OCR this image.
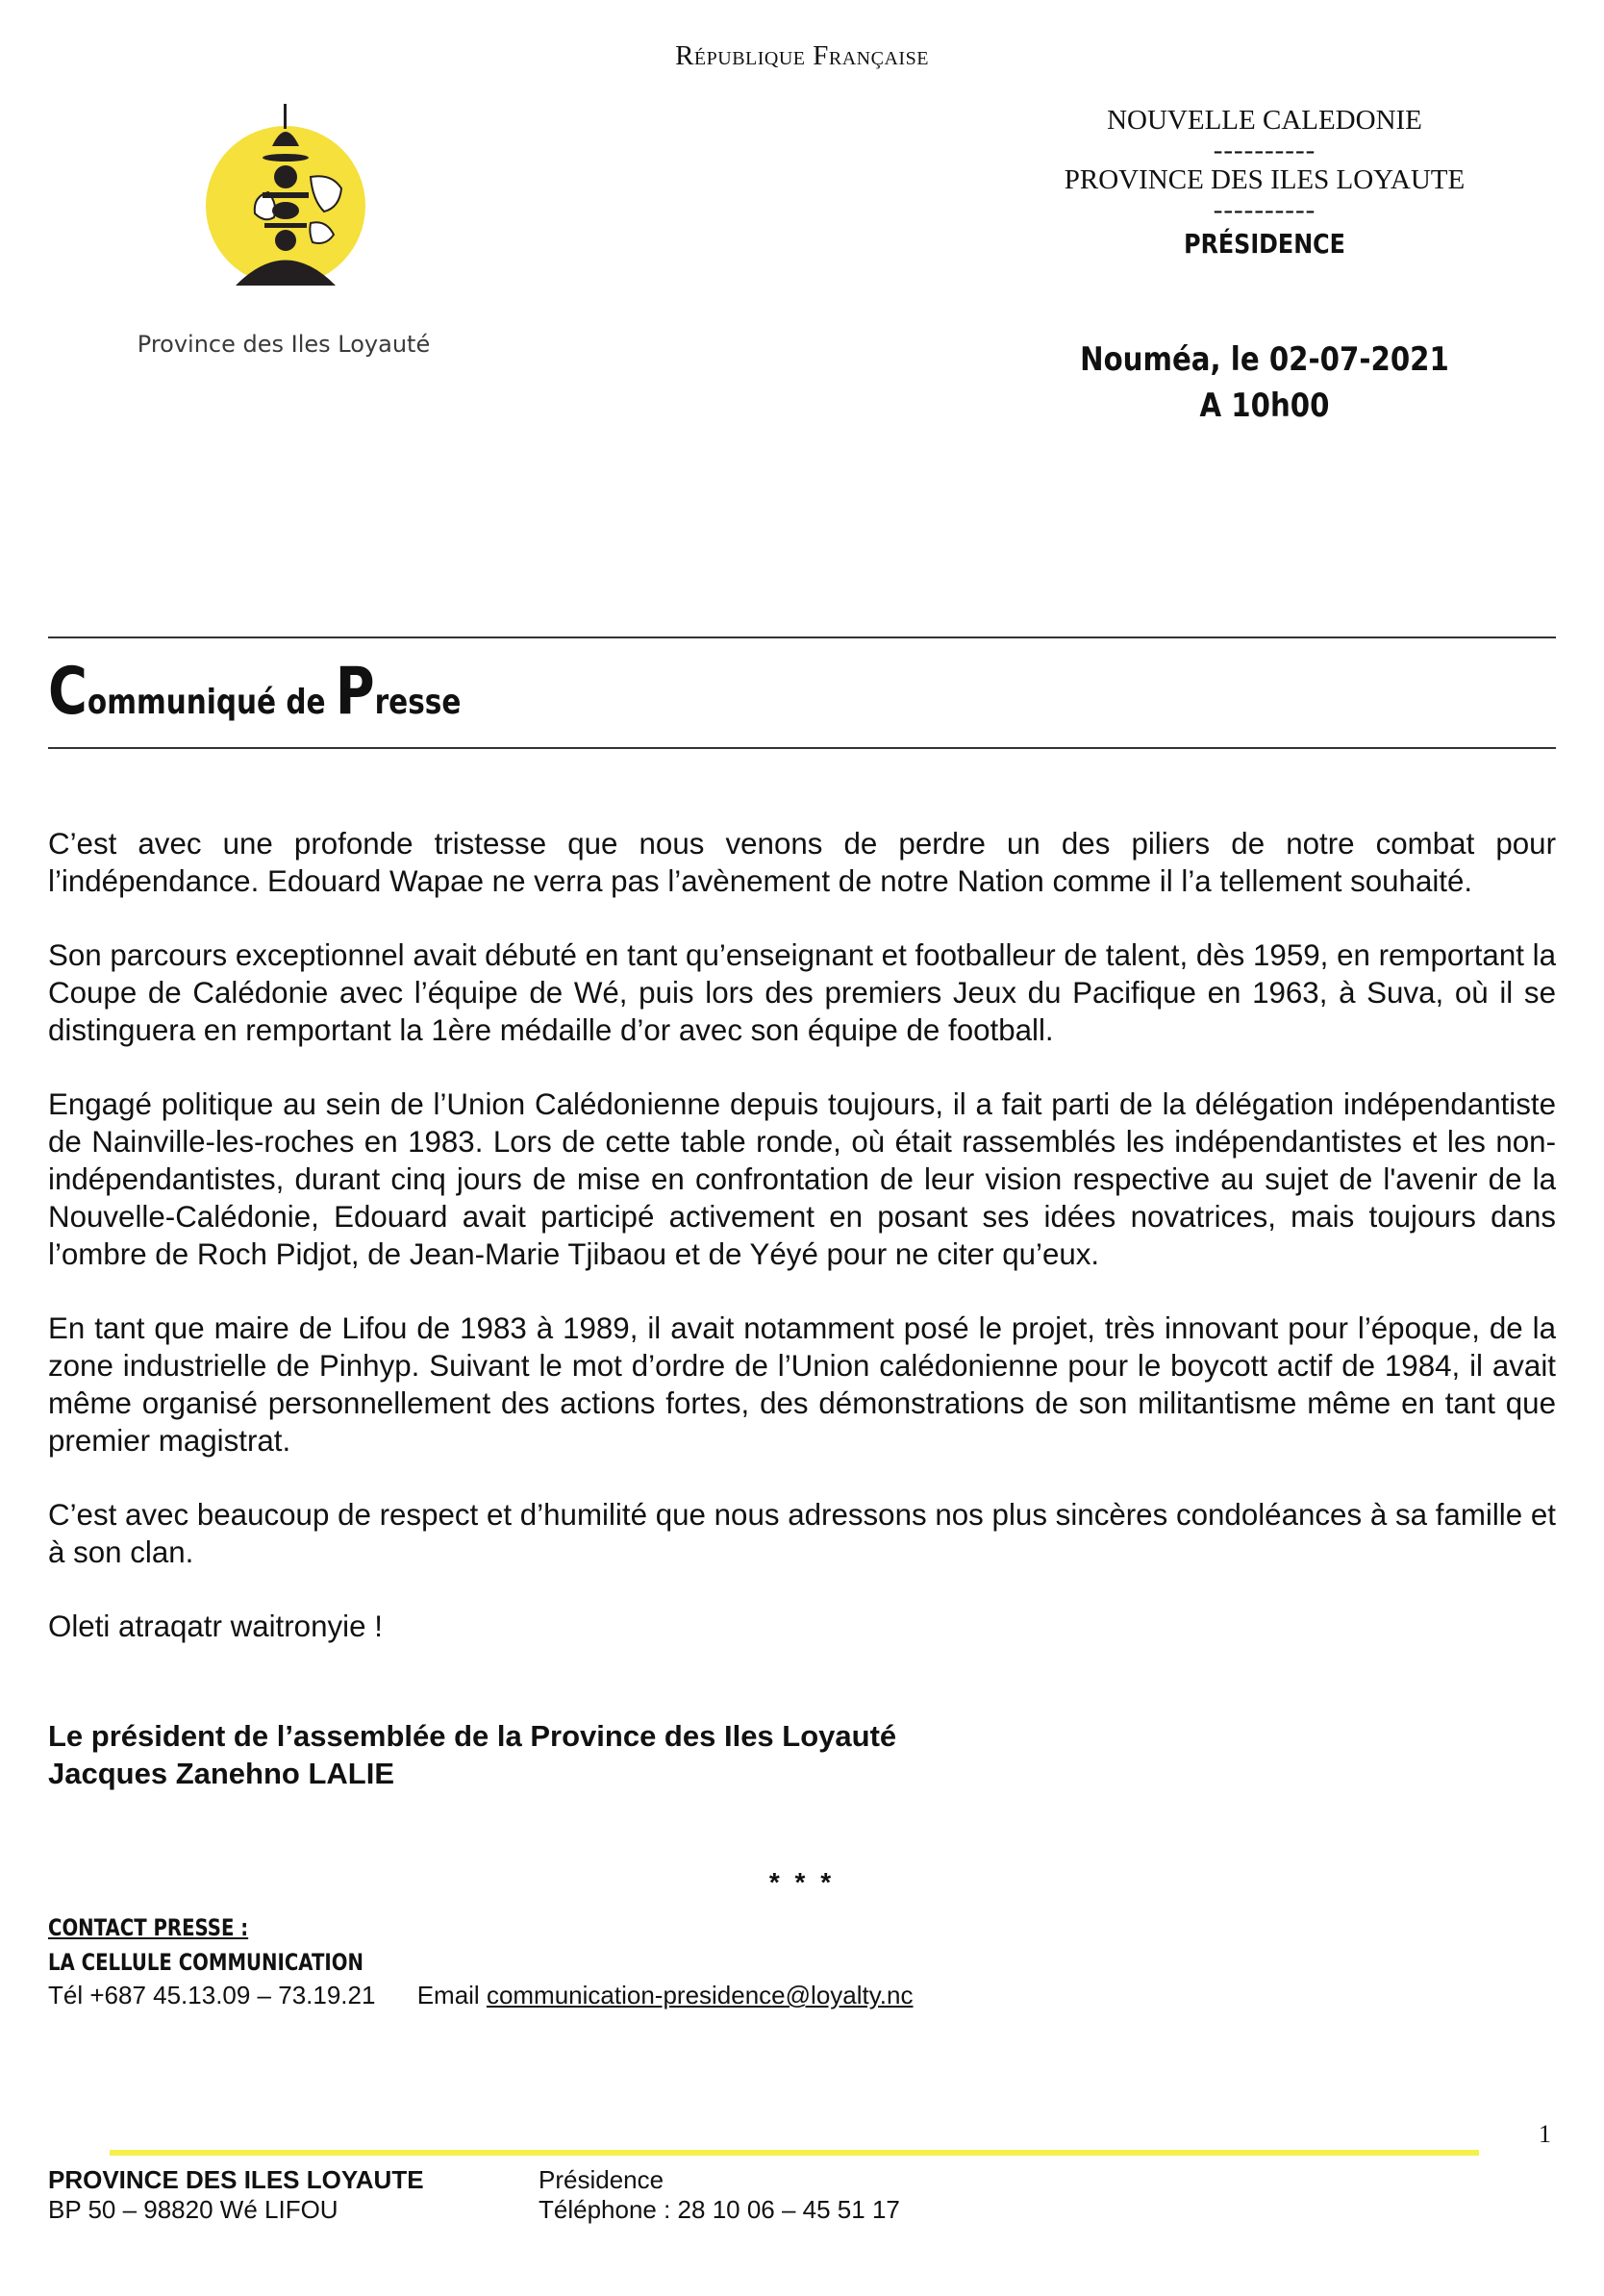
République Française
Province des Iles Loyauté
NOUVELLE CALEDONIE
----------
PROVINCE DES ILES LOYAUTE
----------
PRÉSIDENCE
Nouméa, le 02-07-2021
A 10h00
Communiqué de Presse

C’est avec une profonde tristesse que nous venons de perdre un des piliers de notre combat pour l’indépendance. Edouard Wapae ne verra pas l’avènement de notre Nation comme il l’a tellement souhaité.

Son parcours exceptionnel avait débuté en tant qu’enseignant et footballeur de talent, dès 1959, en remportant la Coupe de Calédonie avec l’équipe de Wé, puis lors des premiers Jeux du Pacifique en 1963, à Suva, où il se distinguera en remportant la 1ère médaille d’or avec son équipe de football.

Engagé politique au sein de l’Union Calédonienne depuis toujours, il a fait parti de la délégation indépendantiste de Nainville-les-roches en 1983. Lors de cette table ronde, où était rassemblés les indépendantistes et les non-indépendantistes, durant cinq jours de mise en confrontation de leur vision respective au sujet de l'avenir de la Nouvelle-Calédonie, Edouard avait participé activement en posant ses idées novatrices, mais toujours dans l’ombre de Roch Pidjot, de Jean-Marie Tjibaou et de Yéyé pour ne citer qu’eux.

En tant que maire de Lifou de 1983 à 1989, il avait notamment posé le projet, très innovant pour l’époque, de la zone industrielle de Pinhyp. Suivant le mot d’ordre de l’Union calédonienne pour le boycott actif de 1984, il avait même organisé personnellement des actions fortes, des démonstrations de son militantisme même en tant que premier magistrat.

C’est avec beaucoup de respect et d’humilité que nous adressons nos plus sincères condoléances à sa famille et à son clan.

Oleti atraqatr waitronyie !

Le président de l’assemblée de la Province des Iles Loyauté
Jacques Zanehno LALIE
* * *
CONTACT PRESSE :
LA CELLULE COMMUNICATION
Tél +687 45.13.09 – 73.19.21 Email communication-presidence@loyalty.nc
1
PROVINCE DES ILES LOYAUTE
BP 50 – 98820 Wé LIFOU
Présidence
Téléphone : 28 10 06 – 45 51 17
